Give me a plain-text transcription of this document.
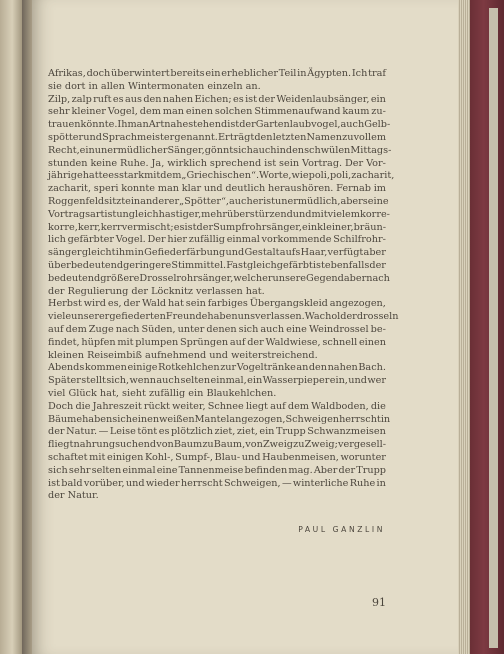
Afrikas, doch überwintert bereits ein erheblicher Teil in Ägypten. Ich traf
sie dort in allen Wintermonaten einzeln an.
Zilp, zalp ruft es aus den nahen Eichen; es ist der Weidenlaubsänger, ein
sehr kleiner Vogel, dem man einen solchen Stimmenaufwand kaum zu-
trauen könnte. Ihm an Art nahestehend ist der Gartenlaubvogel, auch Gelb-
spötter und Sprachmeister genannt. Er trägt den letzten Namen zu vollem
Recht, ein unermüdlicher Sänger, gönnt sich auch in den schwülen Mittags-
stunden keine Ruhe. Ja, wirklich sprechend ist sein Vortrag. Der Vor-
jährige hatte es stark mit dem „Griechischen“. Worte, wie poli, poli, zacharit,
zacharit, speri konnte man klar und deutlich heraushören. Fernab im
Roggenfeld sitzt ein anderer „Spötter“, auch er ist unermüdlich, aber seine
Vortragsart ist ungleich hastiger, mehr überstürzend und mit vielem korre-
korre, kerr, kerr vermischt; es ist der Sumpfrohrsänger, ein kleiner, bräun-
lich gefärbter Vogel. Der hier zufällig einmal vorkommende Schilfrohr-
sänger gleicht ihm in Gefiederfärbung und Gestalt aufs Haar, verfügt aber
über bedeutend geringere Stimmittel. Fast gleich gefärbt ist ebenfalls der
bedeutend größere Drosselrohrsänger, welcher unsere Gegend aber nach
der Regulierung der Löcknitz verlassen hat.
Herbst wird es, der Wald hat sein farbiges Übergangskleid angezogen,
viele unserer gefiederten Freunde haben uns verlassen. Wacholderdrosseln
auf dem Zuge nach Süden, unter denen sich auch eine Weindrossel be-
findet, hüpfen mit plumpen Sprüngen auf der Waldwiese, schnell einen
kleinen Reiseimbiß aufnehmend und weiterstreichend.
Abends kommen einige Rotkehlchen zur Vogeltränke an den nahen Bach.
Später stellt sich, wenn auch selten einmal, ein Wasserpieper ein, und wer
viel Glück hat, sieht zufällig ein Blaukehlchen.
Doch die Jahreszeit rückt weiter, Schnee liegt auf dem Waldboden, die
Bäume haben sich einen weißen Mantel angezogen, Schweigen herrscht in
der Natur. — Leise tönt es plötzlich ziet, ziet, ein Trupp Schwanzmeisen
fliegt nahrungsuchend von Baum zu Baum, von Zweig zu Zweig; vergesell-
schaftet mit einigen Kohl-, Sumpf-, Blau- und Haubenmeisen, worunter
sich sehr selten einmal eine Tannenmeise befinden mag. Aber der Trupp
ist bald vorüber, und wieder herrscht Schweigen, — winterliche Ruhe in
der Natur.
PAUL GANZLIN
91
